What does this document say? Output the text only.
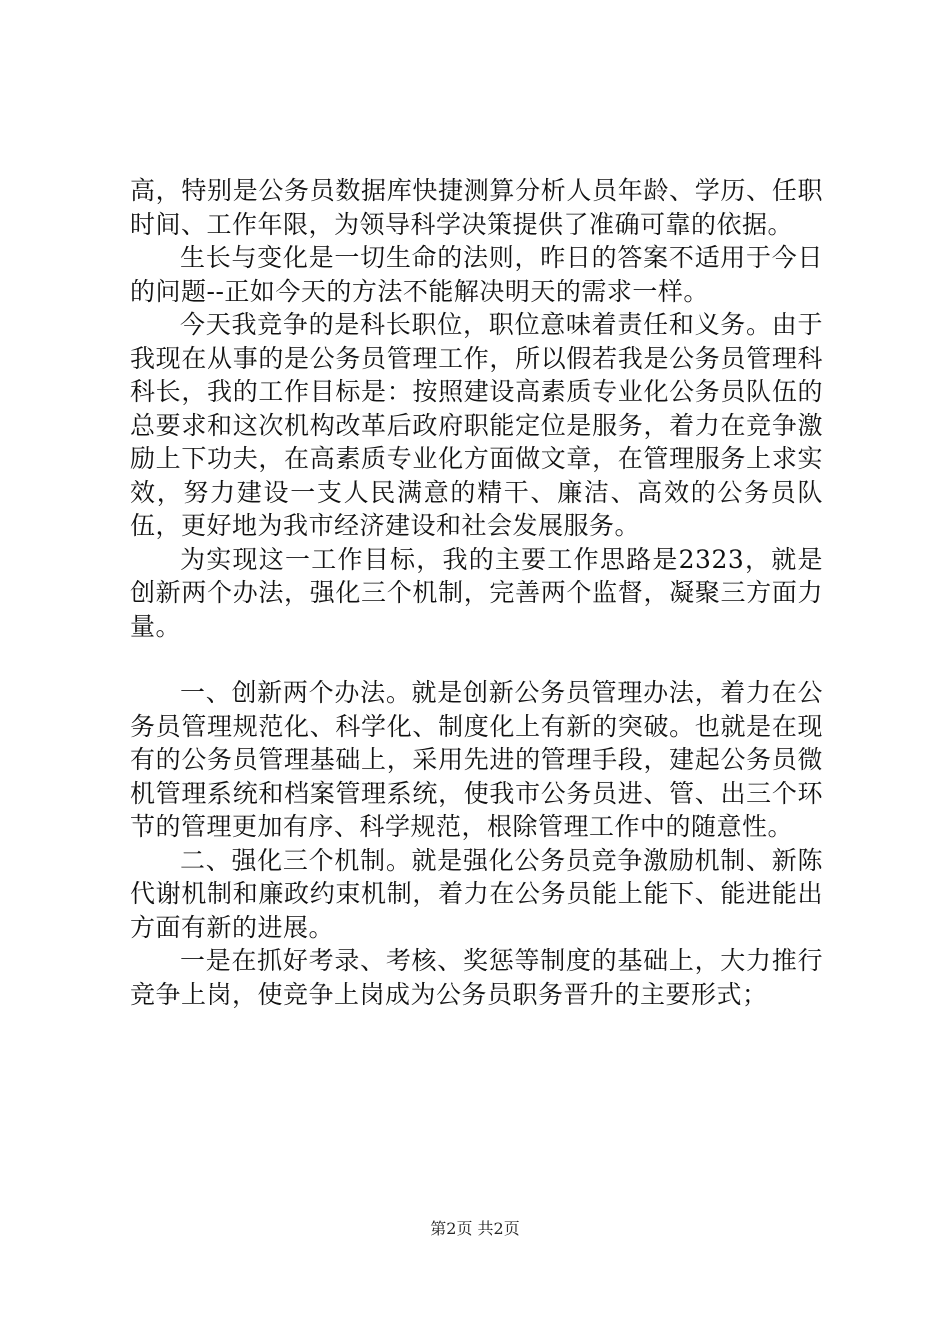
高，特别是公务员数据库快捷测算分析人员年龄、学历、任职时间、工作年限，为领导科学决策提供了准确可靠的依据。

生长与变化是一切生命的法则，昨日的答案不适用于今日的问题--正如今天的方法不能解决明天的需求一样。

今天我竞争的是科长职位，职位意味着责任和义务。由于我现在从事的是公务员管理工作，所以假若我是公务员管理科科长，我的工作目标是：按照建设高素质专业化公务员队伍的总要求和这次机构改革后政府职能定位是服务，着力在竞争激励上下功夫，在高素质专业化方面做文章，在管理服务上求实效，努力建设一支人民满意的精干、廉洁、高效的公务员队伍，更好地为我市经济建设和社会发展服务。

为实现这一工作目标，我的主要工作思路是2323，就是创新两个办法，强化三个机制，完善两个监督，凝聚三方面力量。

一、创新两个办法。就是创新公务员管理办法，着力在公务员管理规范化、科学化、制度化上有新的突破。也就是在现有的公务员管理基础上，采用先进的管理手段，建起公务员微机管理系统和档案管理系统，使我市公务员进、管、出三个环节的管理更加有序、科学规范，根除管理工作中的随意性。

二、强化三个机制。就是强化公务员竞争激励机制、新陈代谢机制和廉政约束机制，着力在公务员能上能下、能进能出方面有新的进展。

一是在抓好考录、考核、奖惩等制度的基础上，大力推行竞争上岗，使竞争上岗成为公务员职务晋升的主要形式；

第2页 共2页
